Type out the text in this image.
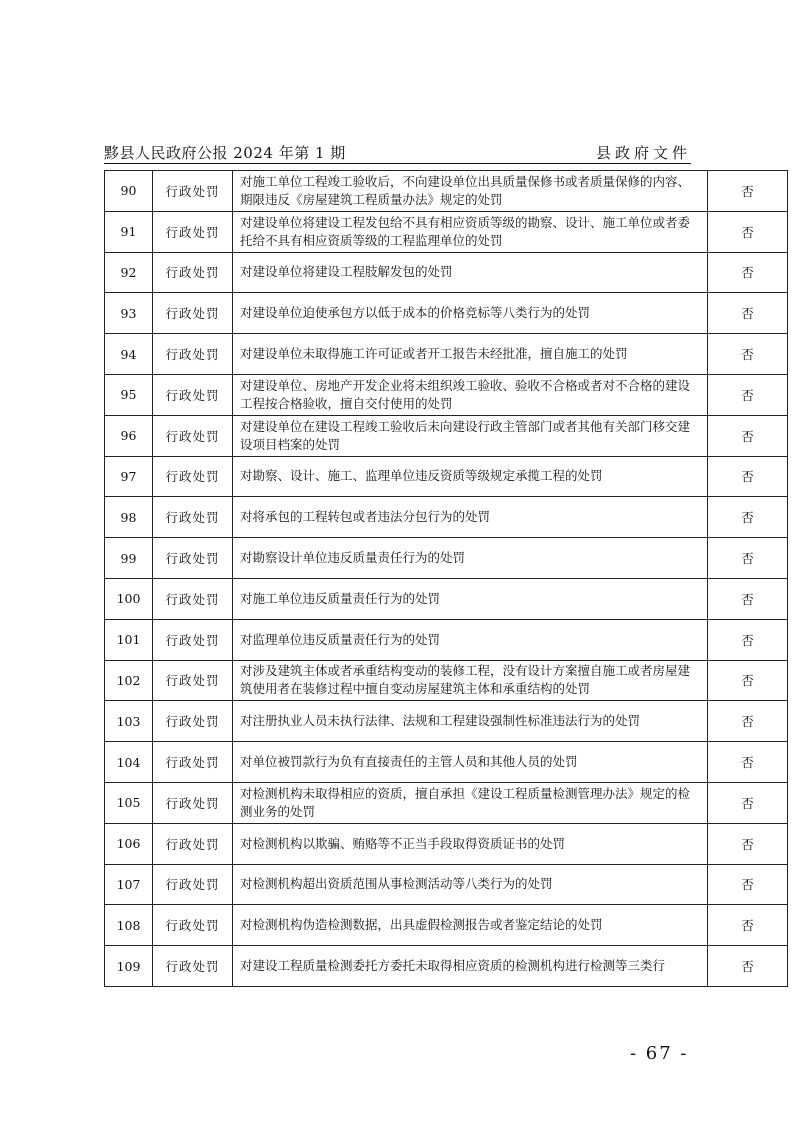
黟县人民政府公报 2024 年第 1 期	县政府文件
90	行政处罚	对施工单位工程竣工验收后，不向建设单位出具质量保修书或者质量保修的内容、期限违反《房屋建筑工程质量办法》规定的处罚	否
91	行政处罚	对建设单位将建设工程发包给不具有相应资质等级的勘察、设计、施工单位或者委托给不具有相应资质等级的工程监理单位的处罚	否
92	行政处罚	对建设单位将建设工程肢解发包的处罚	否
93	行政处罚	对建设单位迫使承包方以低于成本的价格竞标等八类行为的处罚	否
94	行政处罚	对建设单位未取得施工许可证或者开工报告未经批准，擅自施工的处罚	否
95	行政处罚	对建设单位、房地产开发企业将未组织竣工验收、验收不合格或者对不合格的建设工程按合格验收，擅自交付使用的处罚	否
96	行政处罚	对建设单位在建设工程竣工验收后未向建设行政主管部门或者其他有关部门移交建设项目档案的处罚	否
97	行政处罚	对勘察、设计、施工、监理单位违反资质等级规定承揽工程的处罚	否
98	行政处罚	对将承包的工程转包或者违法分包行为的处罚	否
99	行政处罚	对勘察设计单位违反质量责任行为的处罚	否
100	行政处罚	对施工单位违反质量责任行为的处罚	否
101	行政处罚	对监理单位违反质量责任行为的处罚	否
102	行政处罚	对涉及建筑主体或者承重结构变动的装修工程，没有设计方案擅自施工或者房屋建筑使用者在装修过程中擅自变动房屋建筑主体和承重结构的处罚	否
103	行政处罚	对注册执业人员未执行法律、法规和工程建设强制性标准违法行为的处罚	否
104	行政处罚	对单位被罚款行为负有直接责任的主管人员和其他人员的处罚	否
105	行政处罚	对检测机构未取得相应的资质，擅自承担《建设工程质量检测管理办法》规定的检测业务的处罚	否
106	行政处罚	对检测机构以欺骗、贿赂等不正当手段取得资质证书的处罚	否
107	行政处罚	对检测机构超出资质范围从事检测活动等八类行为的处罚	否
108	行政处罚	对检测机构伪造检测数据，出具虚假检测报告或者鉴定结论的处罚	否
109	行政处罚	对建设工程质量检测委托方委托未取得相应资质的检测机构进行检测等三类行	否
- 67 -
